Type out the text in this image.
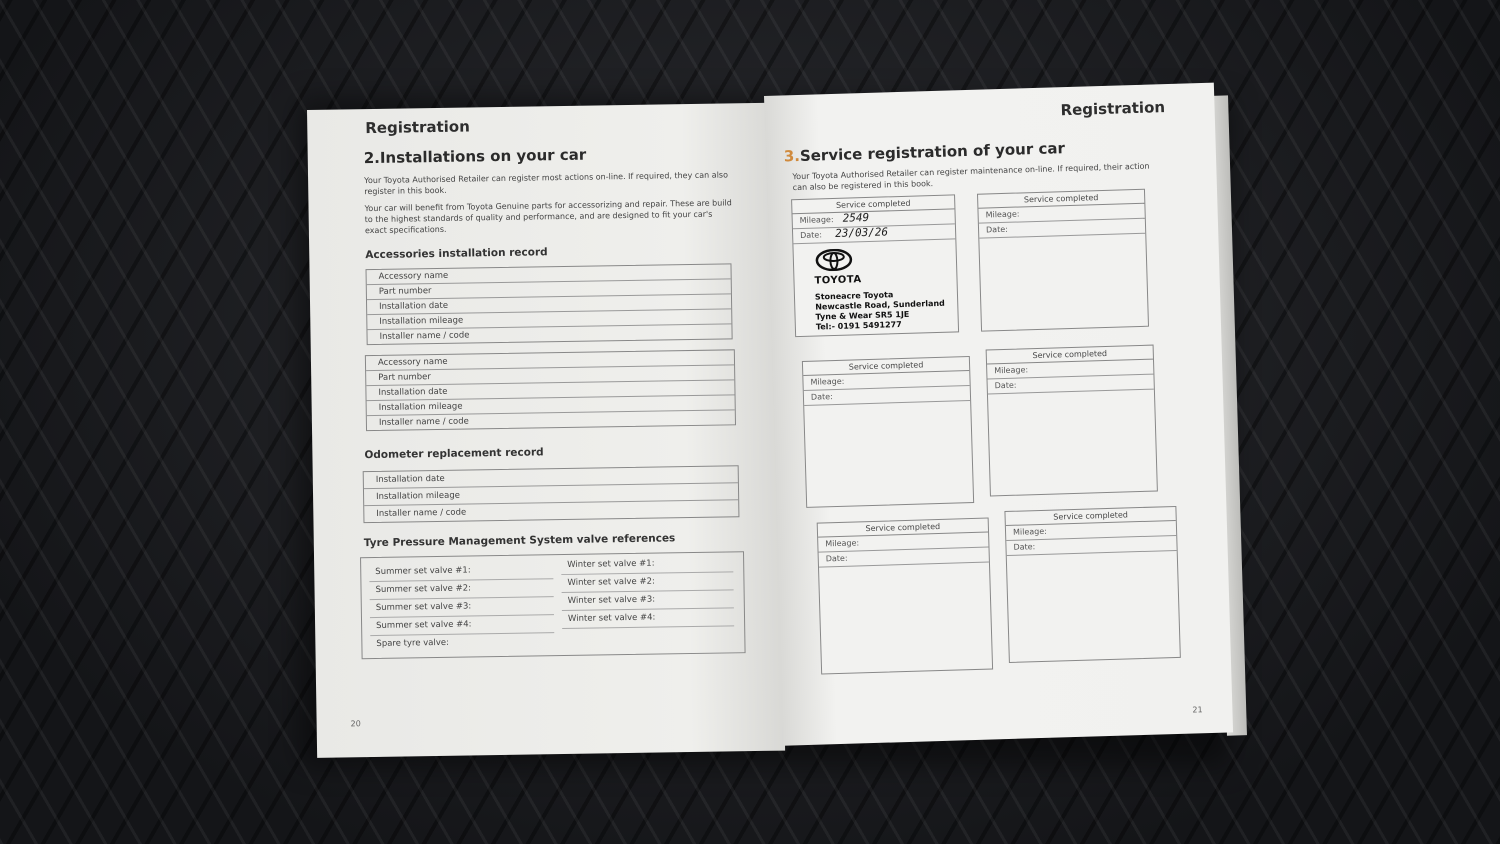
Registration
2.Installations on your car
Your Toyota Authorised Retailer can register most actions on-line. If required, they can also register in this book.
Your car will benefit from Toyota Genuine parts for accessorizing and repair. These are build to the highest standards of quality and performance, and are designed to fit your car's exact specifications.
Accessories installation record
Accessory name
Part number
Installation date
Installation mileage
Installer name / code
Accessory name
Part number
Installation date
Installation mileage
Installer name / code
Odometer replacement record
Installation date
Installation mileage
Installer name / code
Tyre Pressure Management System valve references
Summer set valve #1:
Summer set valve #2:
Summer set valve #3:
Summer set valve #4:
Spare tyre valve:
Winter set valve #1:
Winter set valve #2:
Winter set valve #3:
Winter set valve #4:
20
Registration
3.Service registration of your car
Your Toyota Authorised Retailer can register maintenance on-line. If required, their action can also be registered in this book.
Service completed
Mileage:
Date:
2549
23/03/26
TOYOTA
Stoneacre Toyota
Newcastle Road, Sunderland
Tyne & Wear SR5 1JE
Tel:- 0191 5491277
Service completed
Mileage:
Date:
Service completed
Mileage:
Date:
Service completed
Mileage:
Date:
Service completed
Mileage:
Date:
Service completed
Mileage:
Date:
21
